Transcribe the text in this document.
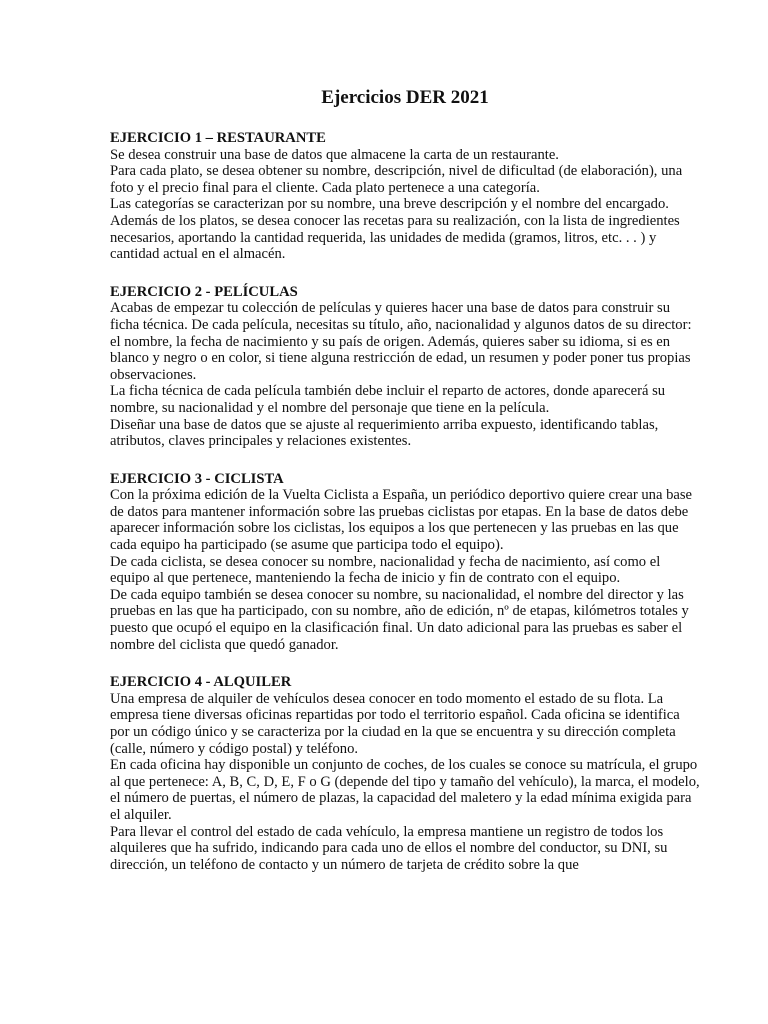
Ejercicios DER 2021

EJERCICIO 1 – RESTAURANTE

Se desea construir una base de datos que almacene la carta de un restaurante.

Para cada plato, se desea obtener su nombre, descripción, nivel de dificultad (de elaboración), una foto y el precio final para el cliente. Cada plato pertenece a una categoría.

Las categorías se caracterizan por su nombre, una breve descripción y el nombre del encargado.

Además de los platos, se desea conocer las recetas para su realización, con la lista de ingredientes necesarios, aportando la cantidad requerida, las unidades de medida (gramos, litros, etc. . . ) y cantidad actual en el almacén.

EJERCICIO 2 - PELÍCULAS

Acabas de empezar tu colección de películas y quieres hacer una base de datos para construir su ficha técnica. De cada película, necesitas su título, año, nacionalidad y algunos datos de su director: el nombre, la fecha de nacimiento y su país de origen. Además, quieres saber su idioma, si es en blanco y negro o en color, si tiene alguna restricción de edad, un resumen y poder poner tus propias observaciones.

La ficha técnica de cada película también debe incluir el reparto de actores, donde aparecerá su nombre, su nacionalidad y el nombre del personaje que tiene en la película.

Diseñar una base de datos que se ajuste al requerimiento arriba expuesto, identificando tablas, atributos, claves principales y relaciones existentes.

EJERCICIO 3 - CICLISTA

Con la próxima edición de la Vuelta Ciclista a España, un periódico deportivo quiere crear una base de datos para mantener información sobre las pruebas ciclistas por etapas. En la base de datos debe aparecer información sobre los ciclistas, los equipos a los que pertenecen y las pruebas en las que cada equipo ha participado (se asume que participa todo el equipo).

De cada ciclista, se desea conocer su nombre, nacionalidad y fecha de nacimiento, así como el equipo al que pertenece, manteniendo la fecha de inicio y fin de contrato con el equipo.

De cada equipo también se desea conocer su nombre, su nacionalidad, el nombre del director y las pruebas en las que ha participado, con su nombre, año de edición, nº de etapas, kilómetros totales y puesto que ocupó el equipo en la clasificación final. Un dato adicional para las pruebas es saber el nombre del ciclista que quedó ganador.

EJERCICIO 4 - ALQUILER

Una empresa de alquiler de vehículos desea conocer en todo momento el estado de su flota. La empresa tiene diversas oficinas repartidas por todo el territorio español. Cada oficina se identifica por un código único y se caracteriza por la ciudad en la que se encuentra y su dirección completa (calle, número y código postal) y teléfono.

En cada oficina hay disponible un conjunto de coches, de los cuales se conoce su matrícula, el grupo al que pertenece: A, B, C, D, E, F o G (depende del tipo y tamaño del vehículo), la marca, el modelo, el número de puertas, el número de plazas, la capacidad del maletero y la edad mínima exigida para el alquiler.

Para llevar el control del estado de cada vehículo, la empresa mantiene un registro de todos los alquileres que ha sufrido, indicando para cada uno de ellos el nombre del conductor, su DNI, su dirección, un teléfono de contacto y un número de tarjeta de crédito sobre la que
